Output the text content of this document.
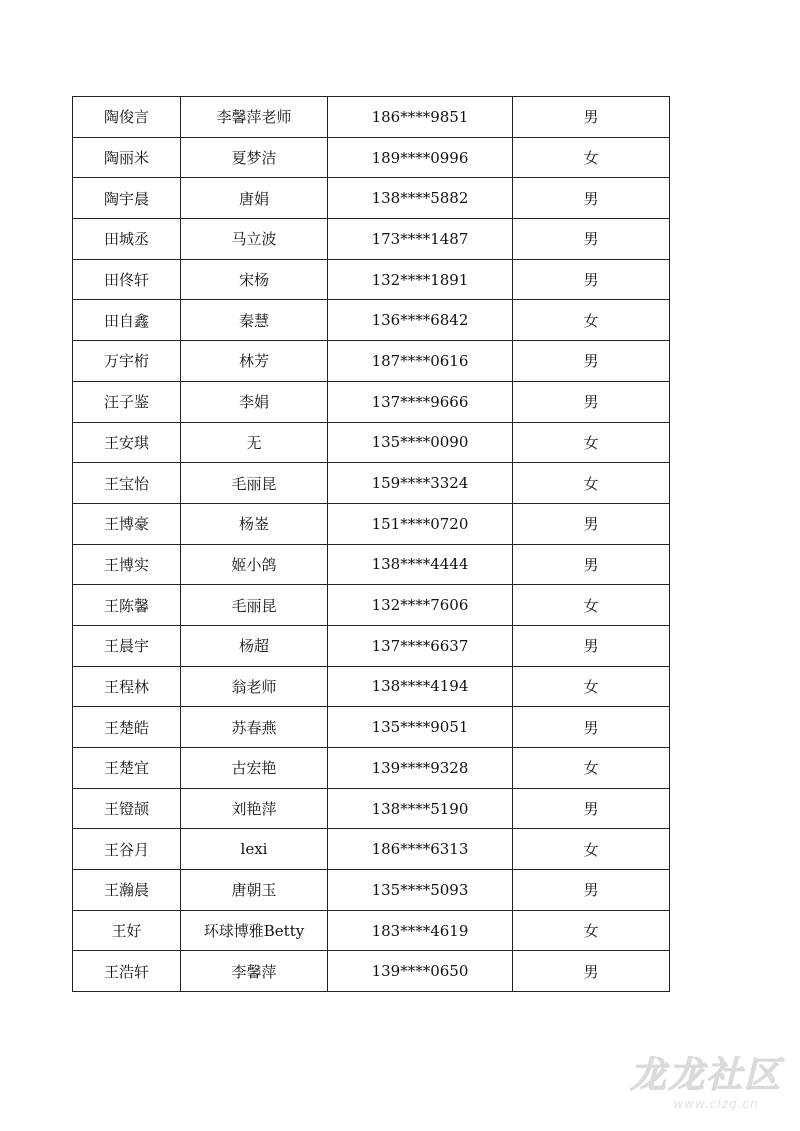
陶俊言	李馨萍老师	186****9851	男
陶丽米	夏梦洁	189****0996	女
陶宇晨	唐娟	138****5882	男
田城丞	马立波	173****1487	男
田佟轩	宋杨	132****1891	男
田自鑫	秦慧	136****6842	女
万宇桁	林芳	187****0616	男
汪子鉴	李娟	137****9666	男
王安琪	无	135****0090	女
王宝怡	毛丽昆	159****3324	女
王博豪	杨崟	151****0720	男
王博实	姬小鸽	138****4444	男
王陈馨	毛丽昆	132****7606	女
王晨宇	杨超	137****6637	男
王程林	翁老师	138****4194	女
王楚皓	苏春燕	135****9051	男
王楚宜	古宏艳	139****9328	女
王镫颉	刘艳萍	138****5190	男
王谷月	lexi	186****6313	女
王瀚晨	唐朝玉	135****5093	男
王好	环球博雅Betty	183****4619	女
王浩轩	李馨萍	139****0650	男
龙龙社区
www.clzg.cn
